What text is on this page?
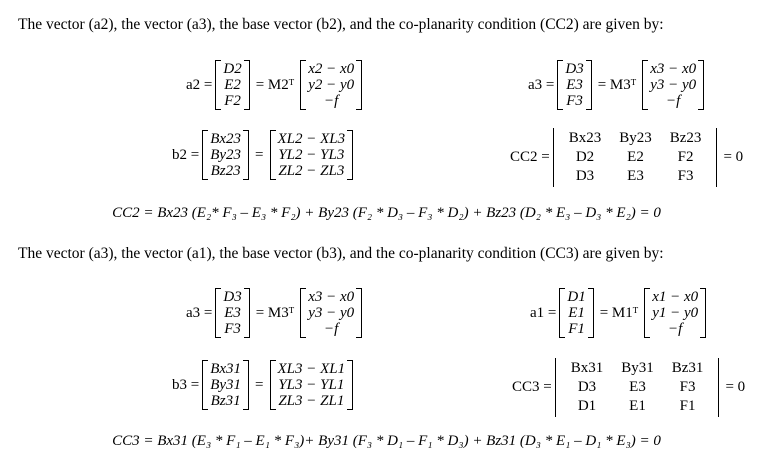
The vector (a2), the vector (a3), the base vector (b2), and the co-planarity condition (CC2) are given by:
a2 =
D2
E2
F2
= M2ᵀ
x2 − x0
y2 − y0
−f
a3 =
D3
E3
F3
= M3ᵀ
x3 − x0
y3 − y0
−f
b2 =
Bx23
By23
Bz23
=
XL2 − XL3
YL2 − YL3
ZL2 − ZL3
CC2 =
Bx23	By23	Bz23
D2	E2	F2
D3	E3	F3
= 0
CC2 = Bx23 (E₂* F₃ – E₃ * F₂) + By23 (F₂ * D₃ – F₃ * D₂) + Bz23 (D₂ * E₃ – D₃ * E₂) = 0
The vector (a3), the vector (a1), the base vector (b3), and the co-planarity condition (CC3) are given by:
a3 =
D3
E3
F3
= M3ᵀ
x3 − x0
y3 − y0
−f
a1 =
D1
E1
F1
= M1ᵀ
x1 − x0
y1 − y0
−f
b3 =
Bx31
By31
Bz31
=
XL3 − XL1
YL3 − YL1
ZL3 − ZL1
CC3 =
Bx31	By31	Bz31
D3	E3	F3
D1	E1	F1
= 0
CC3 = Bx31 (E₃ * F₁ – E₁ * F₃)+ By31 (F₃ * D₁ – F₁ * D₃) + Bz31 (D₃ * E₁ – D₁ * E₃) = 0
